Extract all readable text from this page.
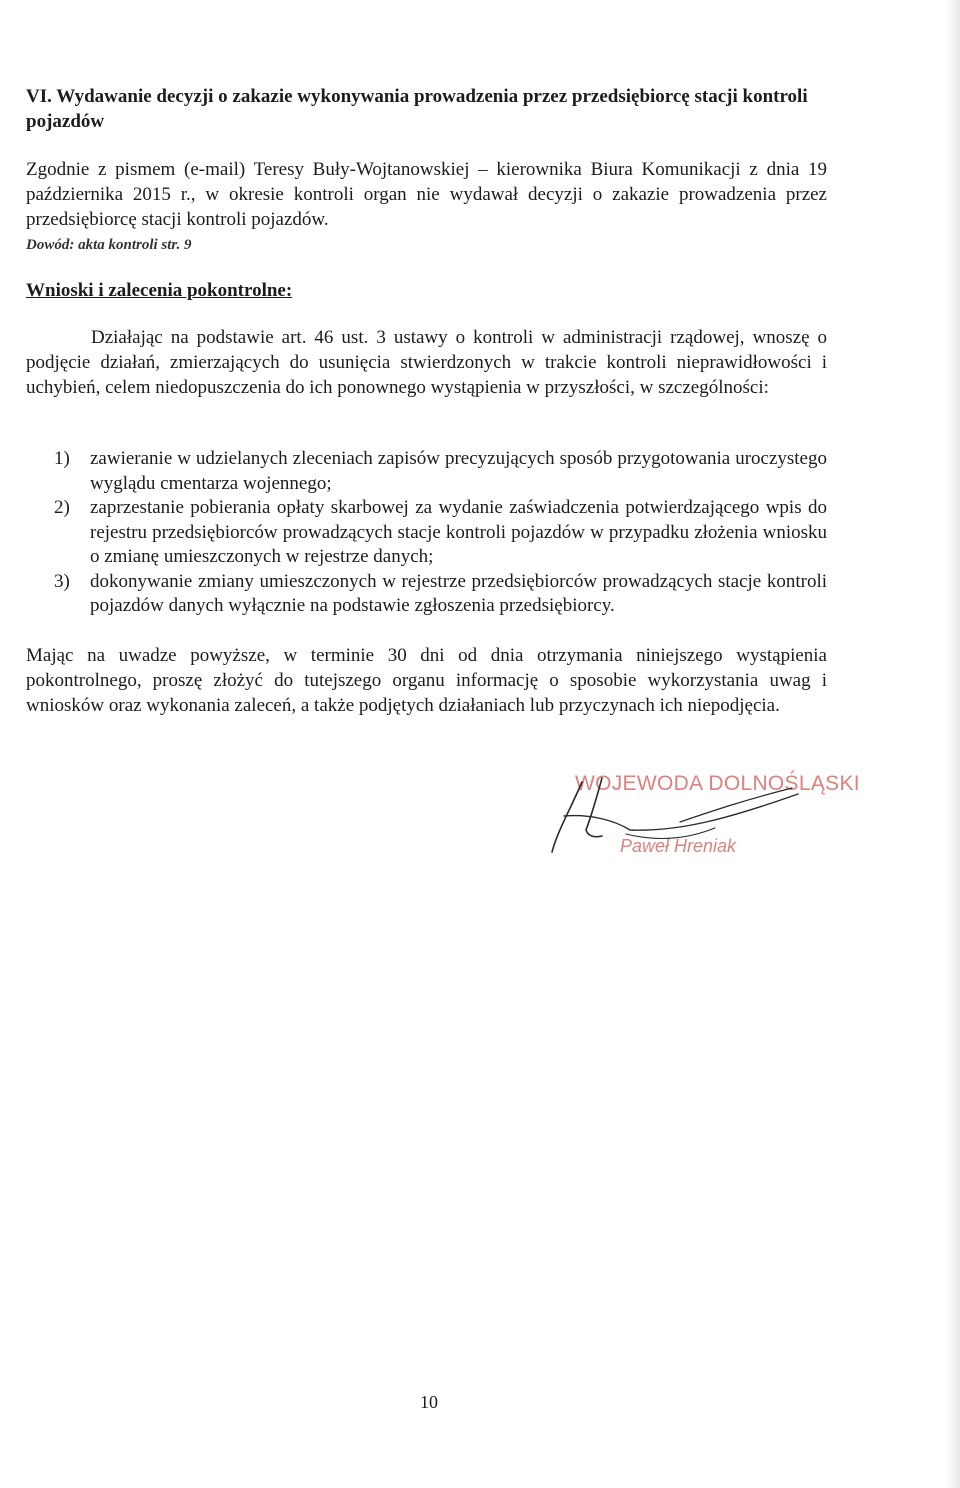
VI. Wydawanie decyzji o zakazie wykonywania prowadzenia przez przedsiębiorcę stacji kontroli pojazdów

Zgodnie z pismem (e-mail) Teresy Buły-Wojtanowskiej – kierownika Biura Komunikacji z dnia 19 października 2015 r., w okresie kontroli organ nie wydawał decyzji o zakazie prowadzenia przez przedsiębiorcę stacji kontroli pojazdów.

Dowód: akta kontroli str. 9

Wnioski i zalecenia pokontrolne:

Działając na podstawie art. 46 ust. 3 ustawy o kontroli w administracji rządowej, wnoszę o podjęcie działań, zmierzających do usunięcia stwierdzonych w trakcie kontroli nieprawidłowości i uchybień, celem niedopuszczenia do ich ponownego wystąpienia w przyszłości, w szczególności:

1) zawieranie w udzielanych zleceniach zapisów precyzujących sposób przygotowania uroczystego wyglądu cmentarza wojennego;
2) zaprzestanie pobierania opłaty skarbowej za wydanie zaświadczenia potwierdzającego wpis do rejestru przedsiębiorców prowadzących stacje kontroli pojazdów w przypadku złożenia wniosku o zmianę umieszczonych w rejestrze danych;
3) dokonywanie zmiany umieszczonych w rejestrze przedsiębiorców prowadzących stacje kontroli pojazdów danych wyłącznie na podstawie zgłoszenia przedsiębiorcy.

Mając na uwadze powyższe, w terminie 30 dni od dnia otrzymania niniejszego wystąpienia pokontrolnego, proszę złożyć do tutejszego organu informację o sposobie wykorzystania uwag i wniosków oraz wykonania zaleceń, a także podjętych działaniach lub przyczynach ich niepodjęcia.

WOJEWODA DOLNOŚLĄSKI

Paweł Hreniak

10
